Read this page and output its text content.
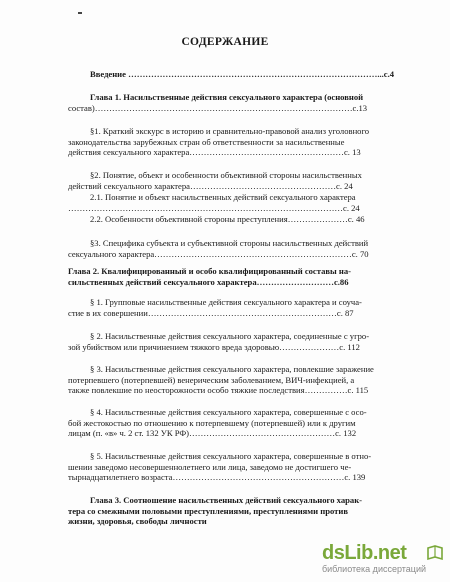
СОДЕРЖАНИЕ
Введение ……………………………………………………………………………...с.4
Глава 1. Насильственные действия сексуального характера (основной
состав)………………………………………………………………………………с.13
§1. Краткий экскурс в историю и сравнительно-правовой анализ уголовного
законодательства зарубежных стран об ответственности за насильственные
действия сексуального характера………………………………………………с. 13
§2. Понятие, объект и особенности объективной стороны насильственных
действий сексуального характера……………………………………………с. 24
2.1. Понятие и объект насильственных действий сексуального характера
……………………………………………………………………………………с. 24
2.2. Особенности объективной стороны преступления…………………с. 46
§3. Специфика субъекта и субъективной стороны насильственных действий
сексуального характера……………………………………………………………с. 70
Глава 2. Квалифицированный и особо квалифицированный составы на-
сильственных действий сексуального характера………………………с.86
§ 1. Групповые насильственные действия сексуального характера и соуча-
стие в их совершении…………………………………………………………с. 87
§ 2. Насильственные действия сексуального характера, соединенные с угро-
зой убийством или причинением тяжкого вреда здоровью…………………с. 112
§ 3. Насильственные действия сексуального характера, повлекшие заражение
потерпевшего (потерпевшей) венерическим заболеванием, ВИЧ-инфекцией, а
также повлекшие по неосторожности особо тяжкие последствия……………с. 115
§ 4. Насильственные действия сексуального характера, совершенные с осо-
бой жестокостью по отношению к потерпевшему (потерпевшей) или к другим
лицам (п. «в» ч. 2 ст. 132 УК РФ)……………………………………………с. 132
§ 5. Насильственные действия сексуального характера, совершенные в отно-
шении заведомо несовершеннолетнего или лица, заведомо не достигшего че-
тырнадцатилетнего возраста……………………………………………………с. 139
Глава 3. Соотношение насильственных действий сексуального харак-
тера со смежными половыми преступлениями, преступлениями против
жизни, здоровья, свободы личности
dsLib.net
библиотека диссертаций
